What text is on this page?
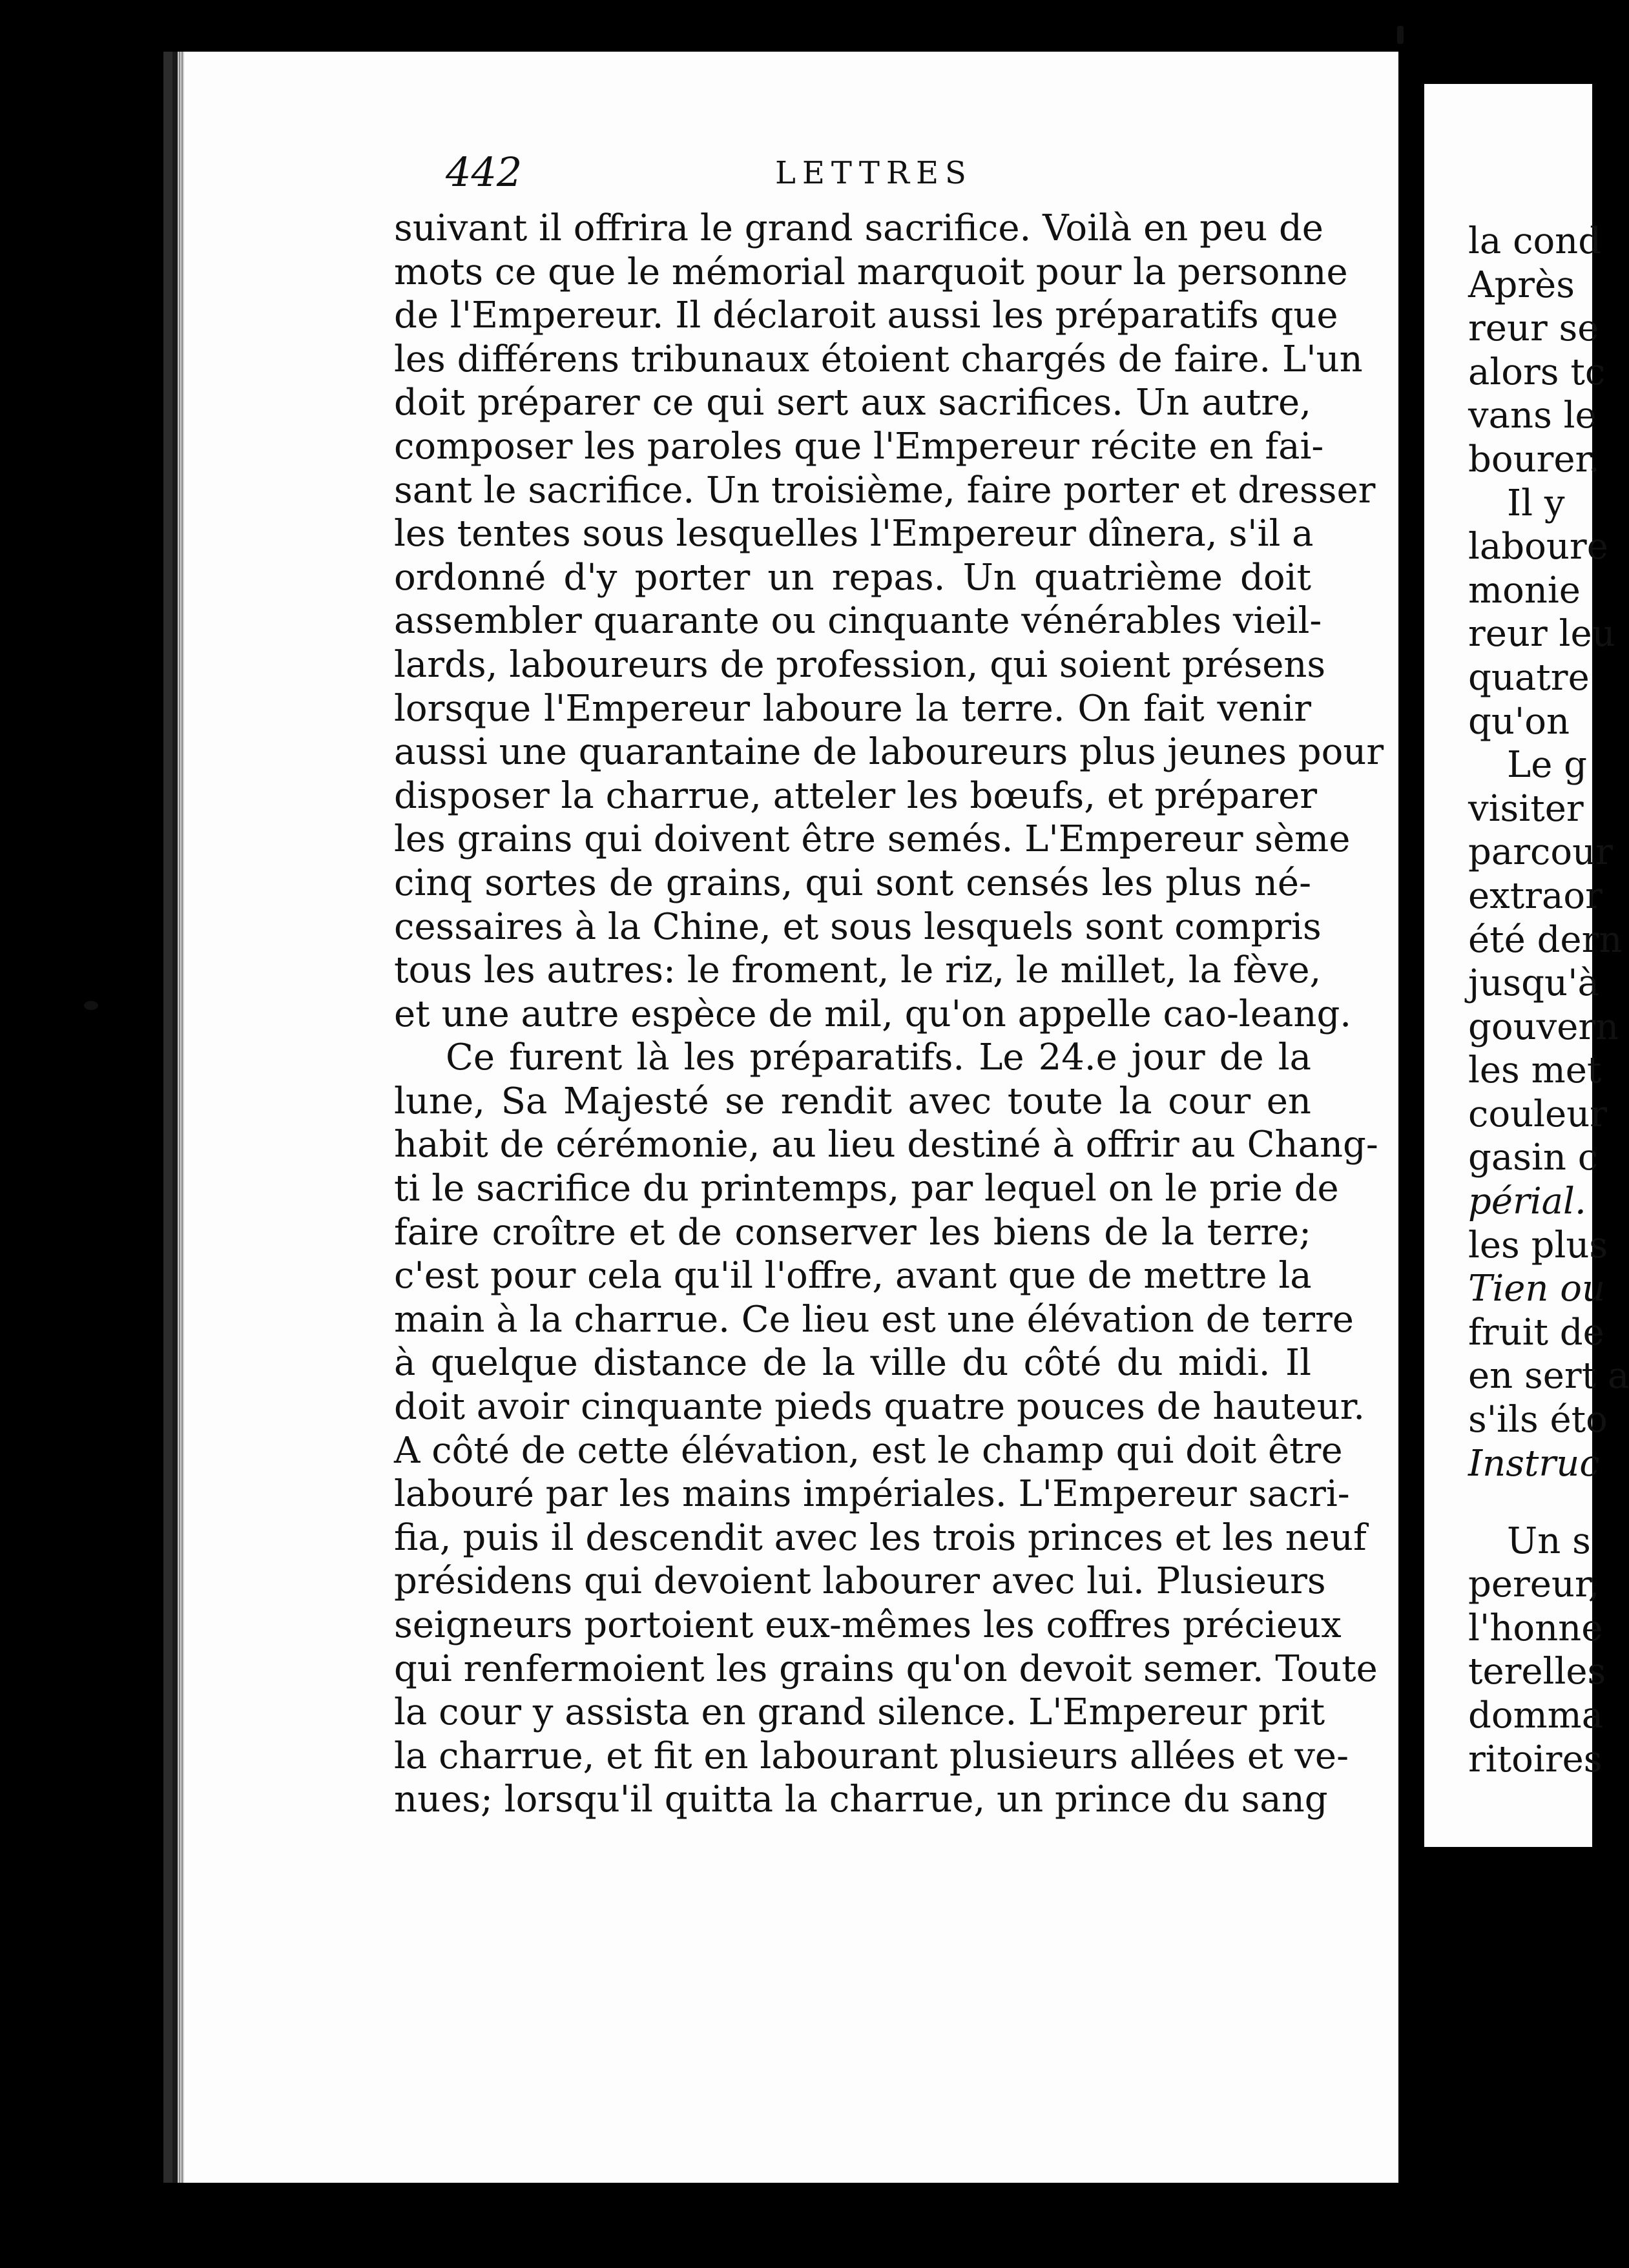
442	LETTRES
suivant il offrira le grand sacrifice. Voilà en peu de
mots ce que le mémorial marquoit pour la personne
de l'Empereur. Il déclaroit aussi les préparatifs que
les différens tribunaux étoient chargés de faire. L'un
doit préparer ce qui sert aux sacrifices. Un autre,
composer les paroles que l'Empereur récite en fai-
sant le sacrifice. Un troisième, faire porter et dresser
les tentes sous lesquelles l'Empereur dînera, s'il a
ordonné d'y porter un repas. Un quatrième doit
assembler quarante ou cinquante vénérables vieil-
lards, laboureurs de profession, qui soient présens
lorsque l'Empereur laboure la terre. On fait venir
aussi une quarantaine de laboureurs plus jeunes pour
disposer la charrue, atteler les bœufs, et préparer
les grains qui doivent être semés. L'Empereur sème
cinq sortes de grains, qui sont censés les plus né-
cessaires à la Chine, et sous lesquels sont compris
tous les autres: le froment, le riz, le millet, la fève,
et une autre espèce de mil, qu'on appelle cao-leang.
Ce furent là les préparatifs. Le 24.e jour de la
lune, Sa Majesté se rendit avec toute la cour en
habit de cérémonie, au lieu destiné à offrir au Chang-
ti le sacrifice du printemps, par lequel on le prie de
faire croître et de conserver les biens de la terre;
c'est pour cela qu'il l'offre, avant que de mettre la
main à la charrue. Ce lieu est une élévation de terre
à quelque distance de la ville du côté du midi. Il
doit avoir cinquante pieds quatre pouces de hauteur.
A côté de cette élévation, est le champ qui doit être
labouré par les mains impériales. L'Empereur sacri-
fia, puis il descendit avec les trois princes et les neuf
présidens qui devoient labourer avec lui. Plusieurs
seigneurs portoient eux-mêmes les coffres précieux
qui renfermoient les grains qu'on devoit semer. Toute
la cour y assista en grand silence. L'Empereur prit
la charrue, et fit en labourant plusieurs allées et ve-
nues; lorsqu'il quitta la charrue, un prince du sang
la cond
Après
reur se
alors tc
vans le
bourer.
Il y
laboure
monie
reur leu
quatre
qu'on
Le g
visiter
parcour
extraor
été dern
jusqu'à
gouvern
les met
couleur
gasin c
périal.
les plus
Tien ou
fruit de
en sert a
s'ils éto
Instruc
Un s
pereur,
l'honne
terelles
domma
ritoires
